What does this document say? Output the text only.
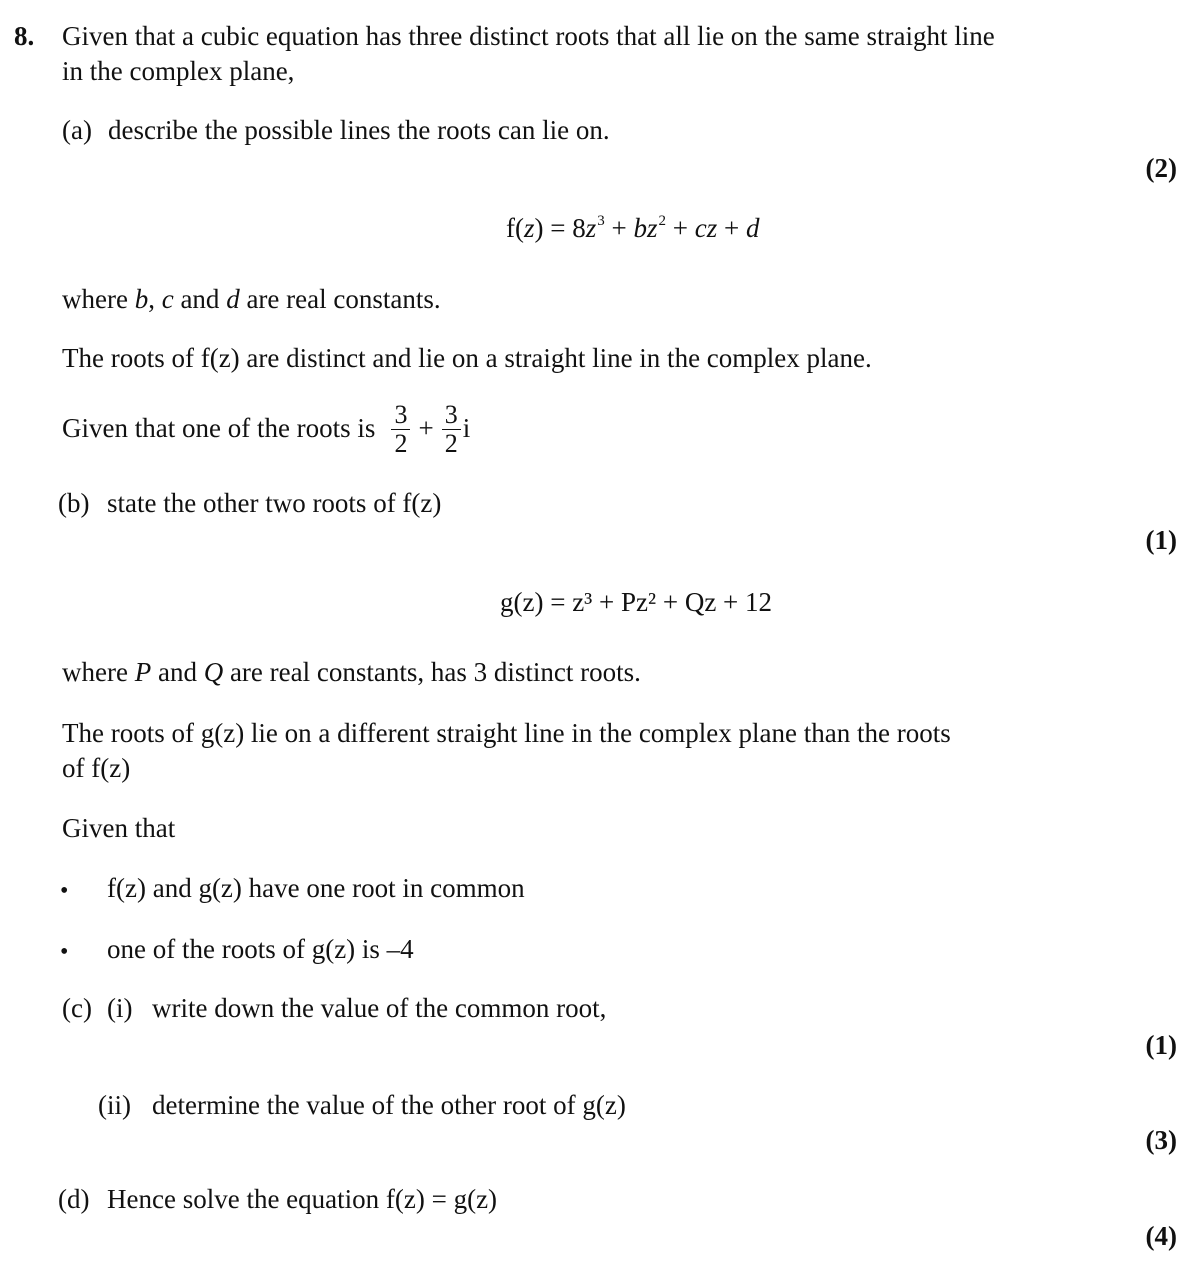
8. Given that a cubic equation has three distinct roots that all lie on the same straight line
in the complex plane,
(a) describe the possible lines the roots can lie on.
(2)
$f(z) = 8z^3 + bz^2$ + cz + d
where b, c and d are real constants.
The roots of f(z) are distinct and lie on a straight line in the complex plane.
Given that one of the roots is $\frac{3}{2} + \frac{3}{2}$ i
(b) state the other two roots of f(z)
(1)
g(z) = z³ + Pz² + Qz + 12
where P and Q are real constants, has 3 distinct roots.
The roots of g(z) lie on a different straight line in the complex plane than the roots
of f(z)
Given that
• f(z) and g(z) have one root in common
• one of the roots of g(z) is –4
(c) (i) write down the value of the common root,
(1)
(ii) determine the value of the other root of g(z)
(3)
(d) Hence solve the equation f(z) = g(z)
(4)
